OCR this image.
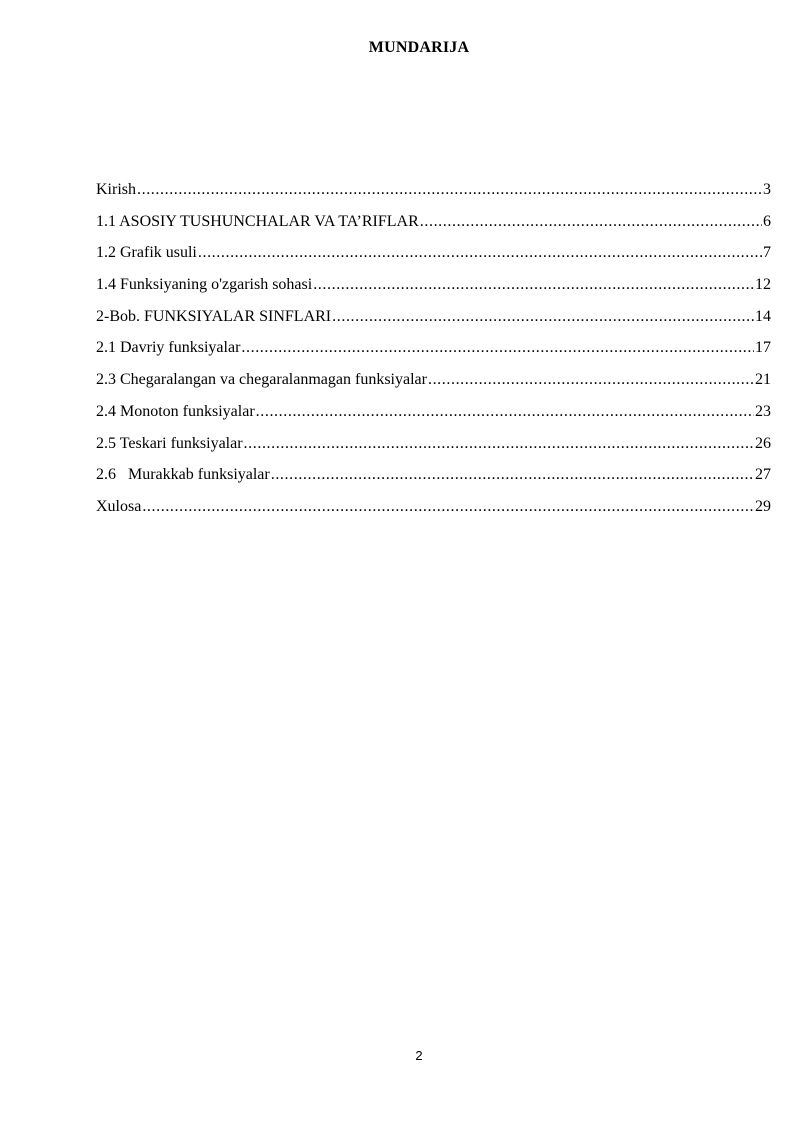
MUNDARIJA
Kirish .....	3
1.1 ASOSIY TUSHUNCHALAR VA TA’RIFLAR .....	6
1.2 Grafik usuli .....	7
1.4 Funksiyaning o'zgarish sohasi .....	12
2-Bob. FUNKSIYALAR SINFLARI .....	14
2.1 Davriy funksiyalar .....	17
2.3 Chegaralangan va chegaralanmagan funksiyalar .....	21
2.4 Monoton funksiyalar .....	23
2.5 Teskari funksiyalar .....	26
2.6   Murakkab funksiyalar .....	27
Xulosa .....	29
2
